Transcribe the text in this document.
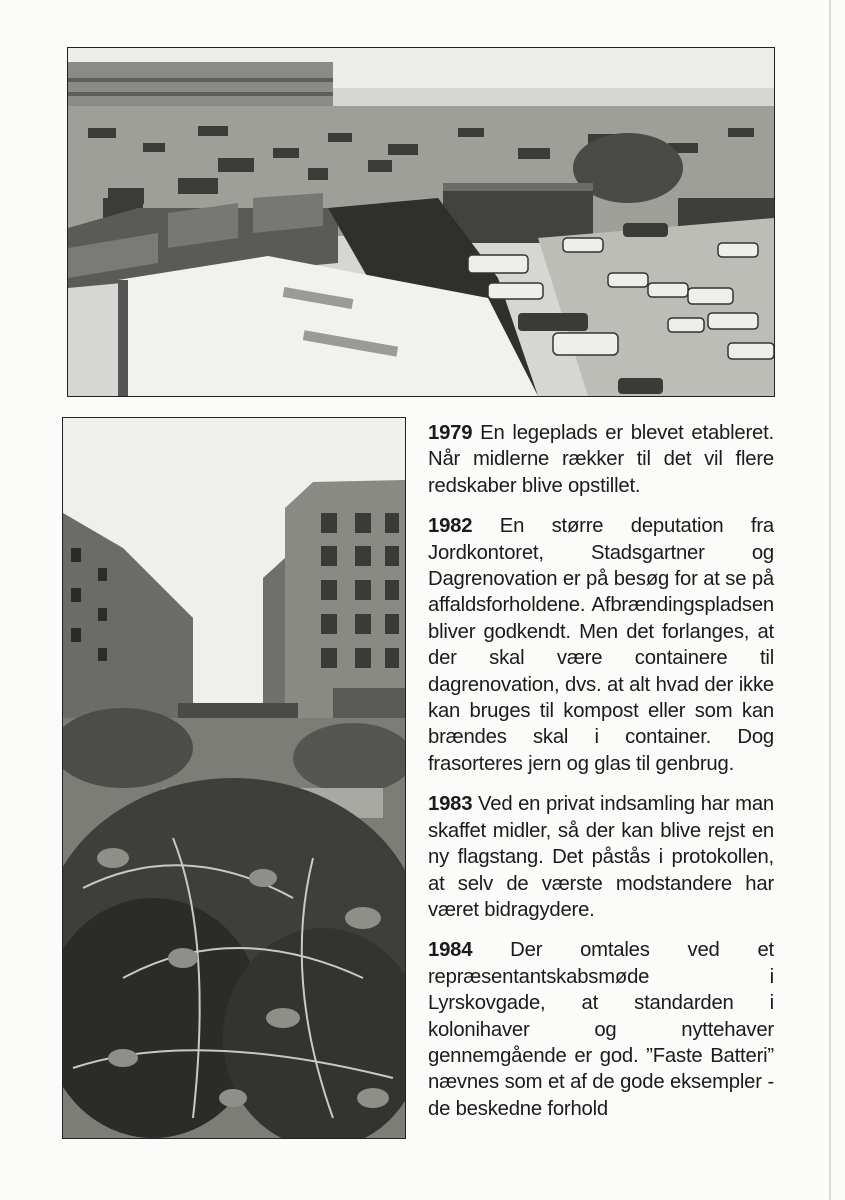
1979 En legeplads er blevet etableret. Når midlerne rækker til det vil flere redskaber blive opstillet.

1982 En større deputation fra Jordkontoret, Stadsgartner og Dagrenovation er på besøg for at se på affaldsforholdene. Afbrændingspladsen bliver godkendt. Men det forlanges, at der skal være containere til dagrenovation, dvs. at alt hvad der ikke kan bruges til kompost eller som kan brændes skal i container. Dog frasorteres jern og glas til genbrug.

1983 Ved en privat indsamling har man skaffet midler, så der kan blive rejst en ny flagstang. Det påstås i protokollen, at selv de værste modstandere har været bidragydere.

1984 Der omtales ved et repræsentantskabsmøde i Lyrskovgade, at standarden i kolonihaver og nyttehaver gennemgående er god. ”Faste Batteri” nævnes som et af de gode eksempler - de beskedne forhold
